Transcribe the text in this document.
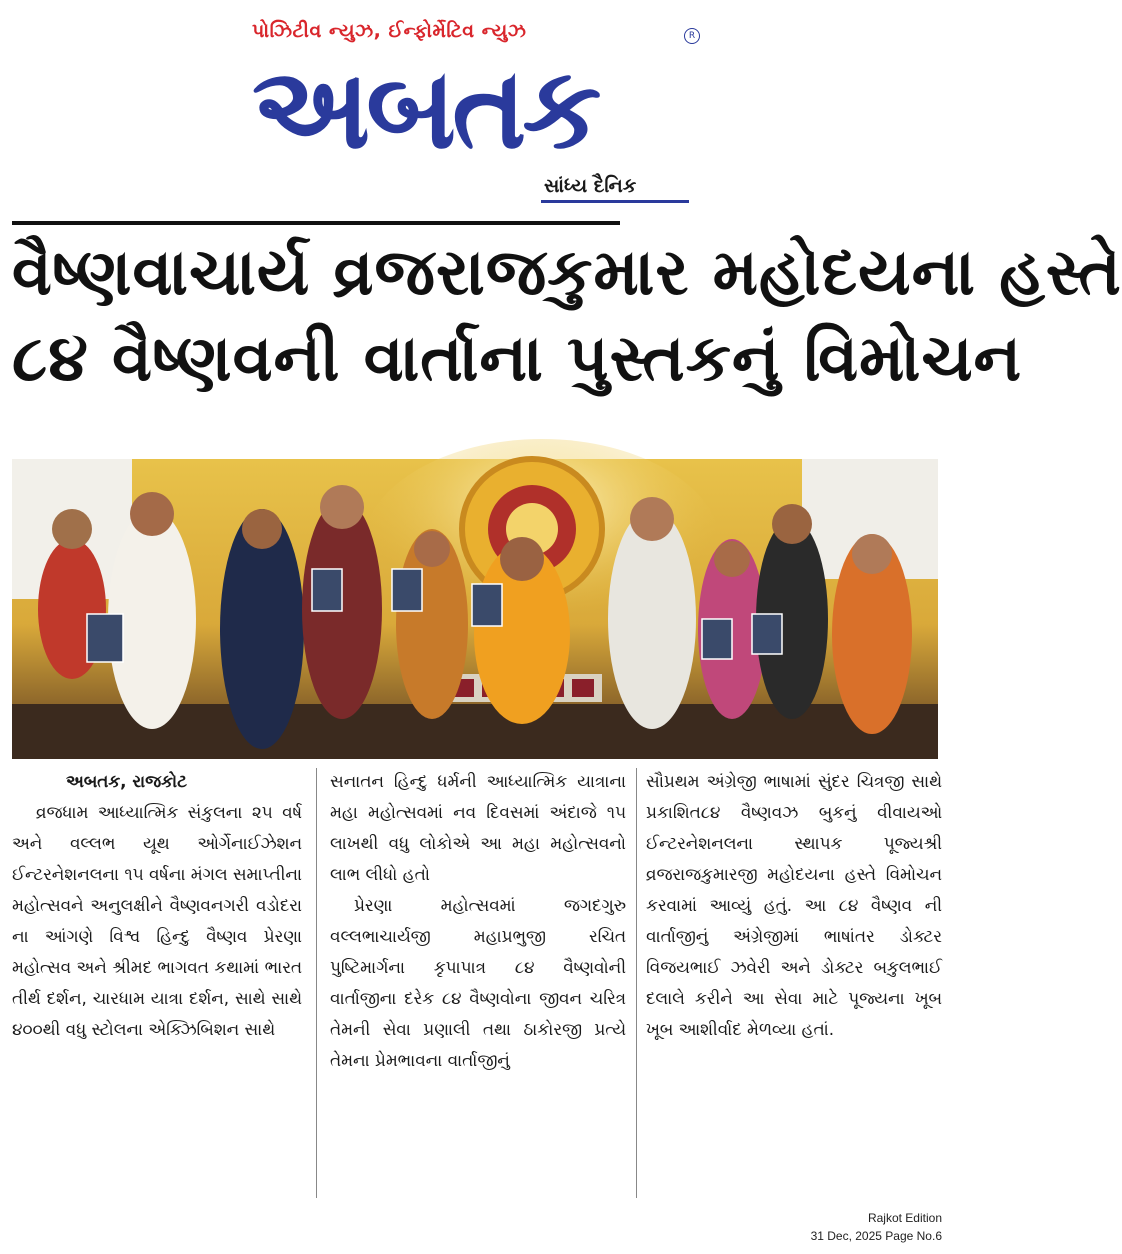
પોઝિટીવ ન્યુઝ, ઈન્ફોર્મેટિવ ન્યુઝ	R
અબતક
સાંધ્ય દૈનિક
વૈષ્ણવાચાર્ય વ્રજરાજકુમાર મહોદયના હસ્તે
૮૪ વૈષ્ણવની વાર્તાના પુસ્તકનું વિમોચન
અબતક, રાજકોટ

વ્રજધામ આધ્યાત્મિક સંકુલના ૨૫ વર્ષ અને વલ્લભ યૂથ ઓર્ગેનાઈઝેશન ઈન્ટરનેશનલના ૧૫ વર્ષના મંગલ સમાપ્તીના મહોત્સવને અનુલક્ષીને વૈષ્ણવનગરી વડોદરા ના આંગણે વિશ્વ હિન્દુ વૈષ્ણવ પ્રેરણા મહોત્સવ અને શ્રીમદ ભાગવત કથામાં ભારત તીર્થ દર્શન, ચારધામ યાત્રા દર્શન, સાથે સાથે ૪૦૦થી વધુ સ્ટોલના એક્ઝિબિશન સાથે

સનાતન હિન્દુ ધર્મની આધ્યાત્મિક યાત્રાના મહા મહોત્સવમાં નવ દિવસમાં અંદાજે ૧૫ લાખથી વધુ લોકોએ આ મહા મહોત્સવનો લાભ લીધો હતો

પ્રેરણા મહોત્સવમાં જગદગુરુ વલ્લભાચાર્યજી મહાપ્રભુજી રચિત પુષ્ટિમાર્ગના કૃપાપાત્ર ૮૪ વૈષ્ણવોની વાર્તાજીના દરેક ૮૪ વૈષ્ણવોના જીવન ચરિત્ર તેમની સેવા પ્રણાલી તથા ઠાકોરજી પ્રત્યે તેમના પ્રેમભાવના વાર્તાજીનું

સૌપ્રથમ અંગ્રેજી ભાષામાં સુંદર ચિત્રજી સાથે પ્રકાશિત૮૪ વૈષ્ણવઝ બુકનું વીવાયઓ ઈન્ટરનેશનલના સ્થાપક પૂજ્યશ્રી વ્રજરાજકુમારજી મહોદયના હસ્તે વિમોચન કરવામાં આવ્યું હતું. આ ૮૪ વૈષ્ણવ ની વાર્તાજીનું અંગ્રેજીમાં ભાષાંતર ડોક્ટર વિજયભાઈ ઝવેરી અને ડોક્ટર બકુલભાઈ દલાલે કરીને આ સેવા માટે પૂજ્યના ખૂબ ખૂબ આશીર્વાદ મેળવ્યા હતાં.

Rajkot Edition
31 Dec, 2025 Page No.6
